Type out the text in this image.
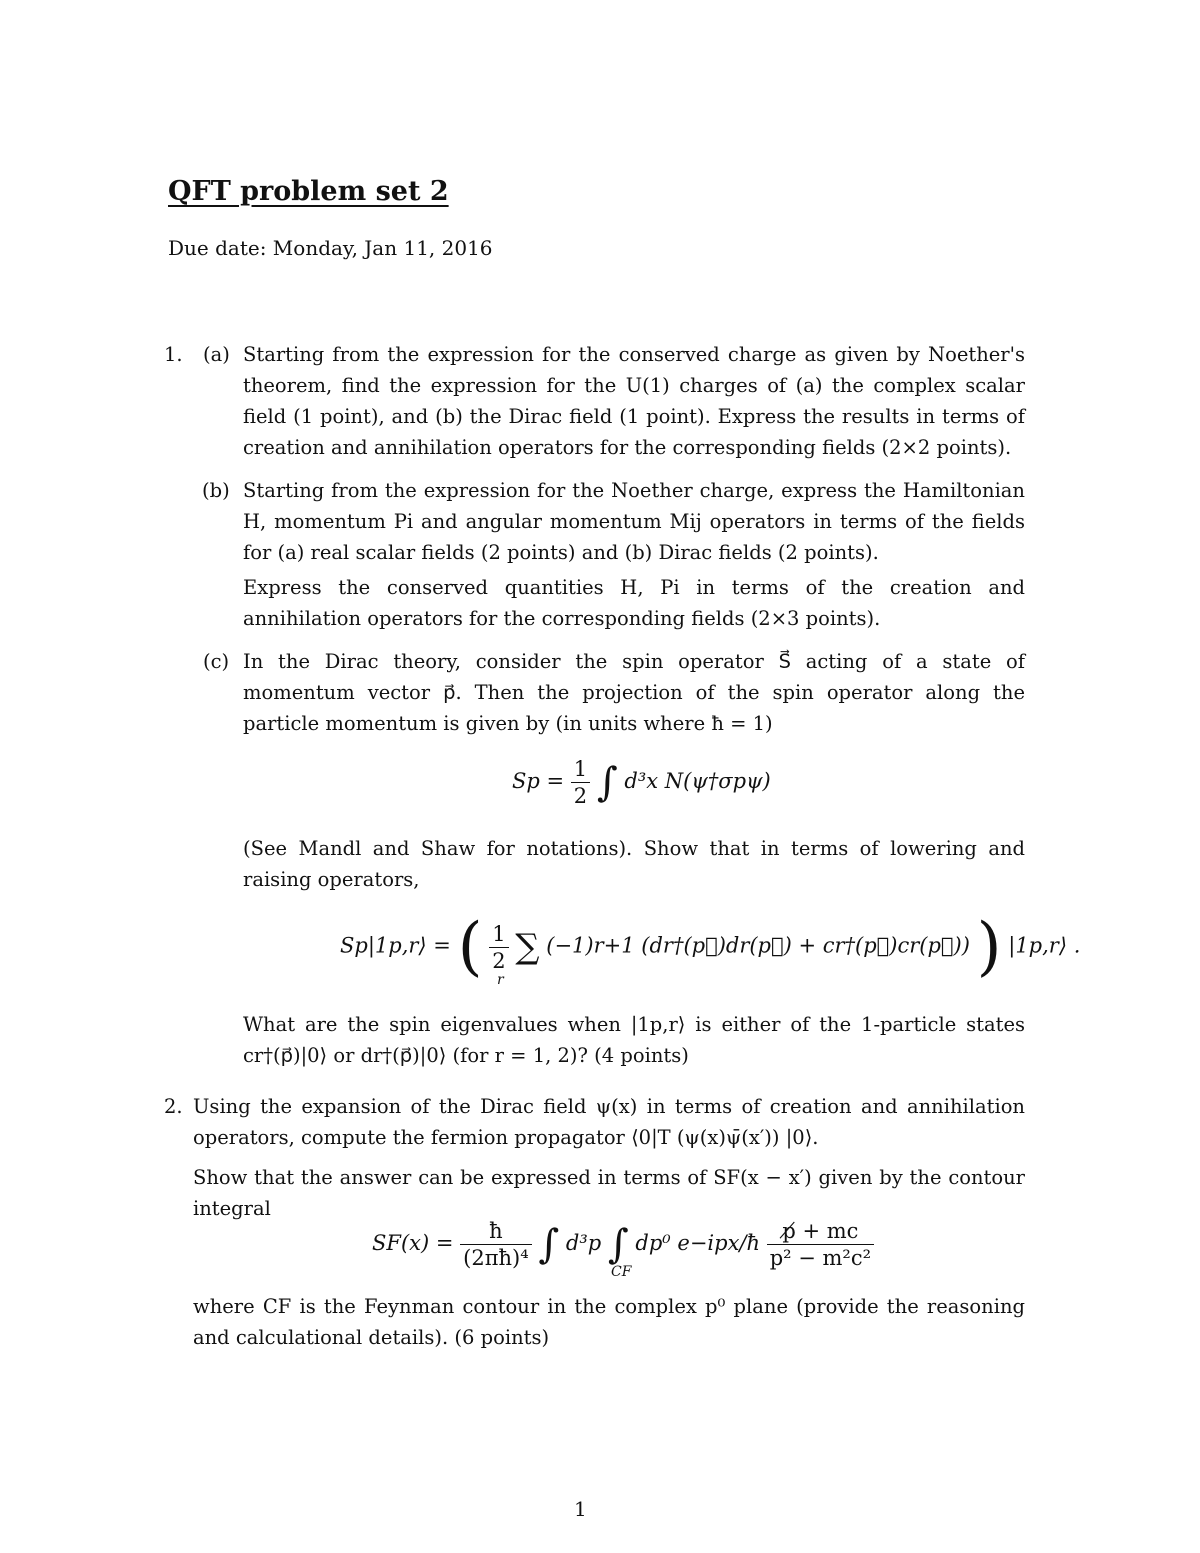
QFT problem set 2
Due date: Monday, Jan 11, 2016
1. (a) Starting from the expression for the conserved charge as given by Noether's theorem, find the expression for the U(1) charges of (a) the complex scalar field (1 point), and (b) the Dirac field (1 point). Express the results in terms of creation and annihilation operators for the corresponding fields (2×2 points).
(b) Starting from the expression for the Noether charge, express the Hamiltonian H, momentum Pi and angular momentum Mij operators in terms of the fields for (a) real scalar fields (2 points) and (b) Dirac fields (2 points).
Express the conserved quantities H, Pi in terms of the creation and annihilation operators for the corresponding fields (2×3 points).
(c) In the Dirac theory, consider the spin operator S⃗ acting of a state of momentum vector p⃗. Then the projection of the spin operator along the particle momentum is given by (in units where ħ = 1)
$Sp = \frac{1}{2}$ ∫ d³x N(ψ†σpψ)
(See Mandl and Shaw for notations). Show that in terms of lowering and raising operators,
Sp|1p,r⟩ = ( $\frac{1}{2}$ ∑ (−1)r+1 (dr†(p⃗)dr(p⃗) + cr†(p⃗)cr(p⃗)) ) |1p,r⟩ .
r
What are the spin eigenvalues when |1p,r⟩ is either of the 1-particle states cr†(p⃗)|0⟩ or dr†(p⃗)|0⟩ (for r = 1, 2)? (4 points)
2. Using the expansion of the Dirac field ψ(x) in terms of creation and annihilation operators, compute the fermion propagator ⟨0|T (ψ(x)ψ̄(x′)) |0⟩.
Show that the answer can be expressed in terms of SF(x − x′) given by the contour integral
$SF(x) = \frac{ħ}{\text{(2πħ)⁴}}$ ∫ d³p ∫ dp⁰ e−ipx/ħ $\frac{p̸ + mc}{\text{p² − m²c²}}$
CF
where CF is the Feynman contour in the complex p⁰ plane (provide the reasoning and calculational details). (6 points)
1
